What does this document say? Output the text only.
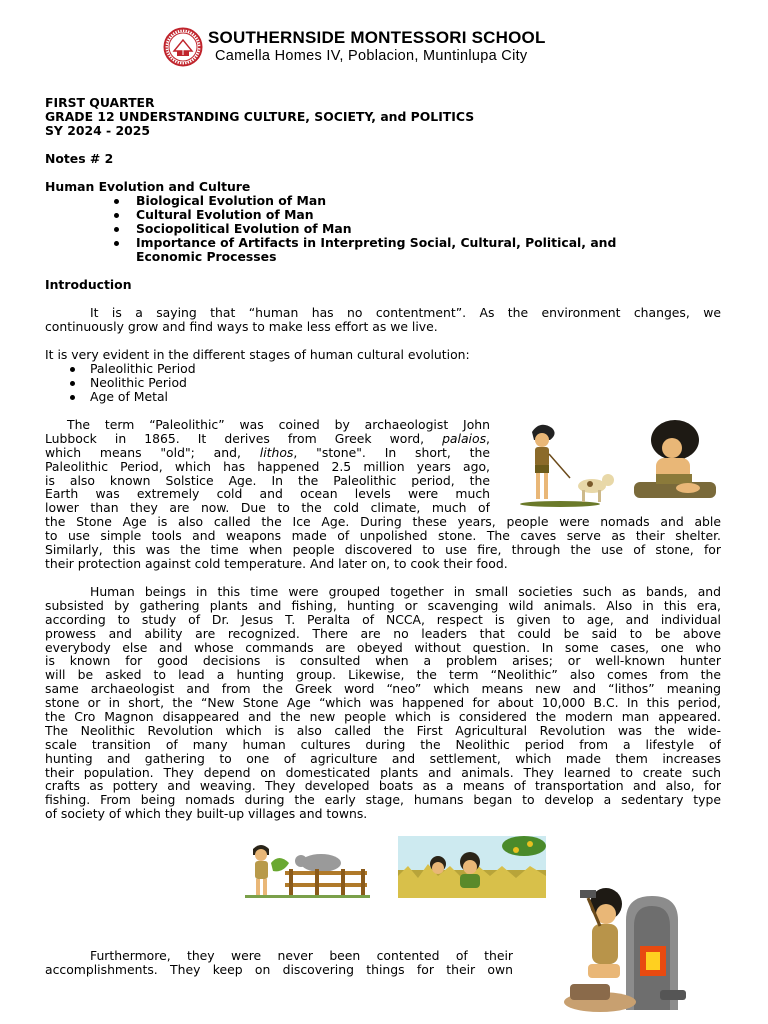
SOUTHERNSIDE MONTESSORI SCHOOL
Camella Homes IV, Poblacion, Muntinlupa City
FIRST QUARTER
GRADE 12 UNDERSTANDING CULTURE, SOCIETY, and POLITICS
SY 2024 - 2025
Notes # 2
Human Evolution and Culture
Biological Evolution of Man
Cultural Evolution of Man
Sociopolitical Evolution of Man
Importance of Artifacts in Interpreting Social, Cultural, Political, and
Economic Processes
Introduction
It is a saying that “human has no contentment”. As the environment changes, we
continuously grow and find ways to make less effort as we live.
It is very evident in the different stages of human cultural evolution:
Paleolithic Period
Neolithic Period
Age of Metal
The term “Paleolithic” was coined by archaeologist John
Lubbock in 1865. It derives from Greek word, palaios,
which means "old"; and, lithos, "stone". In short, the
Paleolithic Period, which has happened 2.5 million years ago,
is also known Solstice Age. In the Paleolithic period, the
Earth was extremely cold and ocean levels were much
lower than they are now. Due to the cold climate, much of
the Stone Age is also called the Ice Age. During these years, people were nomads and able
to use simple tools and weapons made of unpolished stone. The caves serve as their shelter.
Similarly, this was the time when people discovered to use fire, through the use of stone, for
their protection against cold temperature. And later on, to cook their food.
Human beings in this time were grouped together in small societies such as bands, and
subsisted by gathering plants and fishing, hunting or scavenging wild animals. Also in this era,
according to study of Dr. Jesus T. Peralta of NCCA, respect is given to age, and individual
prowess and ability are recognized. There are no leaders that could be said to be above
everybody else and whose commands are obeyed without question. In some cases, one who
is known for good decisions is consulted when a problem arises; or well-known hunter
will be asked to lead a hunting group. Likewise, the term “Neolithic” also comes from the
same archaeologist and from the Greek word “neo” which means new and “lithos” meaning
stone or in short, the “New Stone Age “which was happened for about 10,000 B.C. In this period,
the Cro Magnon disappeared and the new people which is considered the modern man appeared.
The Neolithic Revolution which is also called the First Agricultural Revolution was the wide-
scale transition of many human cultures during the Neolithic period from a lifestyle of
hunting and gathering to one of agriculture and settlement, which made them increases
their population. They depend on domesticated plants and animals. They learned to create such
crafts as pottery and weaving. They developed boats as a means of transportation and also, for
fishing. From being nomads during the early stage, humans began to develop a sedentary type
of society of which they built-up villages and towns.
Furthermore, they were never been contented of their
accomplishments. They keep on discovering things for their own
